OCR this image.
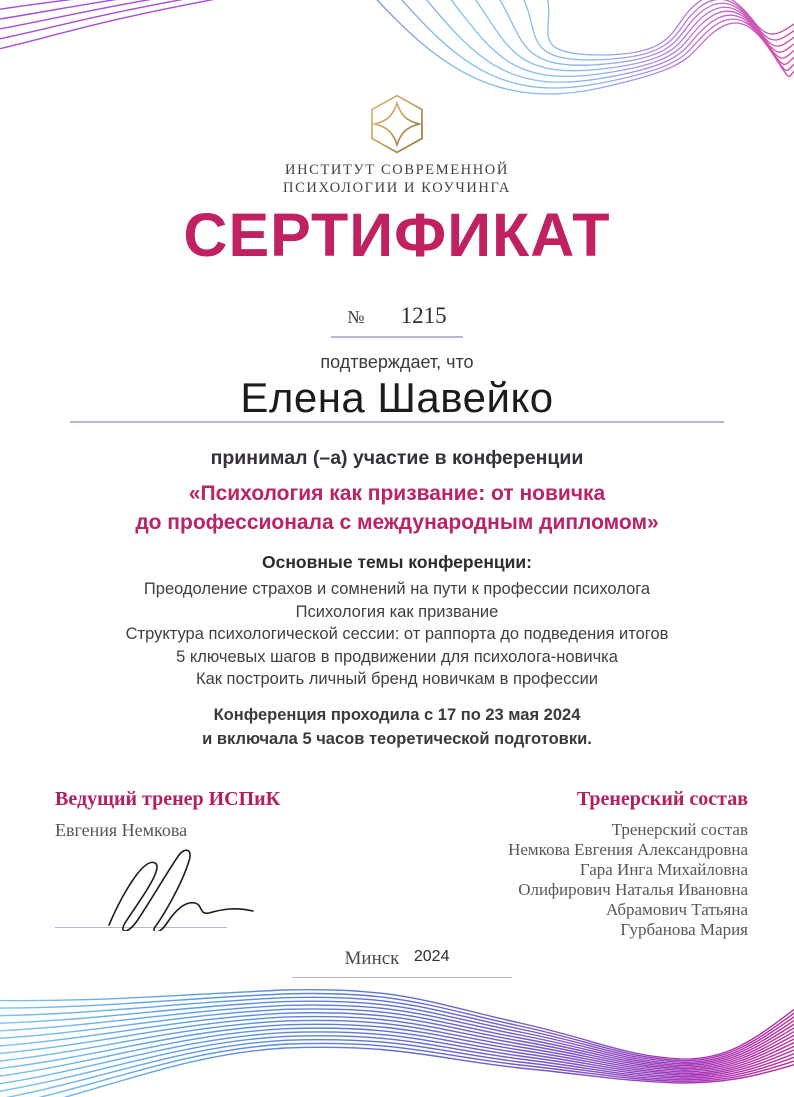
ИНСТИТУТ СОВРЕМЕННОЙ
ПСИХОЛОГИИ И КОУЧИНГА
СЕРТИФИКАТ
№ 1215
подтверждает, что
Елена Шавейко
принимал (–а) участие в конференции
«Психология как призвание: от новичка
до профессионала с международным дипломом»
Основные темы конференции:
Преодоление страхов и сомнений на пути к профессии психолога
Психология как призвание
Структура психологической сессии: от раппорта до подведения итогов
5 ключевых шагов в продвижении для психолога-новичка
Как построить личный бренд новичкам в профессии
Конференция проходила с 17 по 23 мая 2024
и включала 5 часов теоретической подготовки.
Ведущий тренер ИСПиК
Евгения Немкова
Тренерский состав
Тренерский состав
Немкова Евгения Александровна
Гара Инга Михайловна
Олифирович Наталья Ивановна
Абрамович Татьяна
Гурбанова Мария
Минск 2024
